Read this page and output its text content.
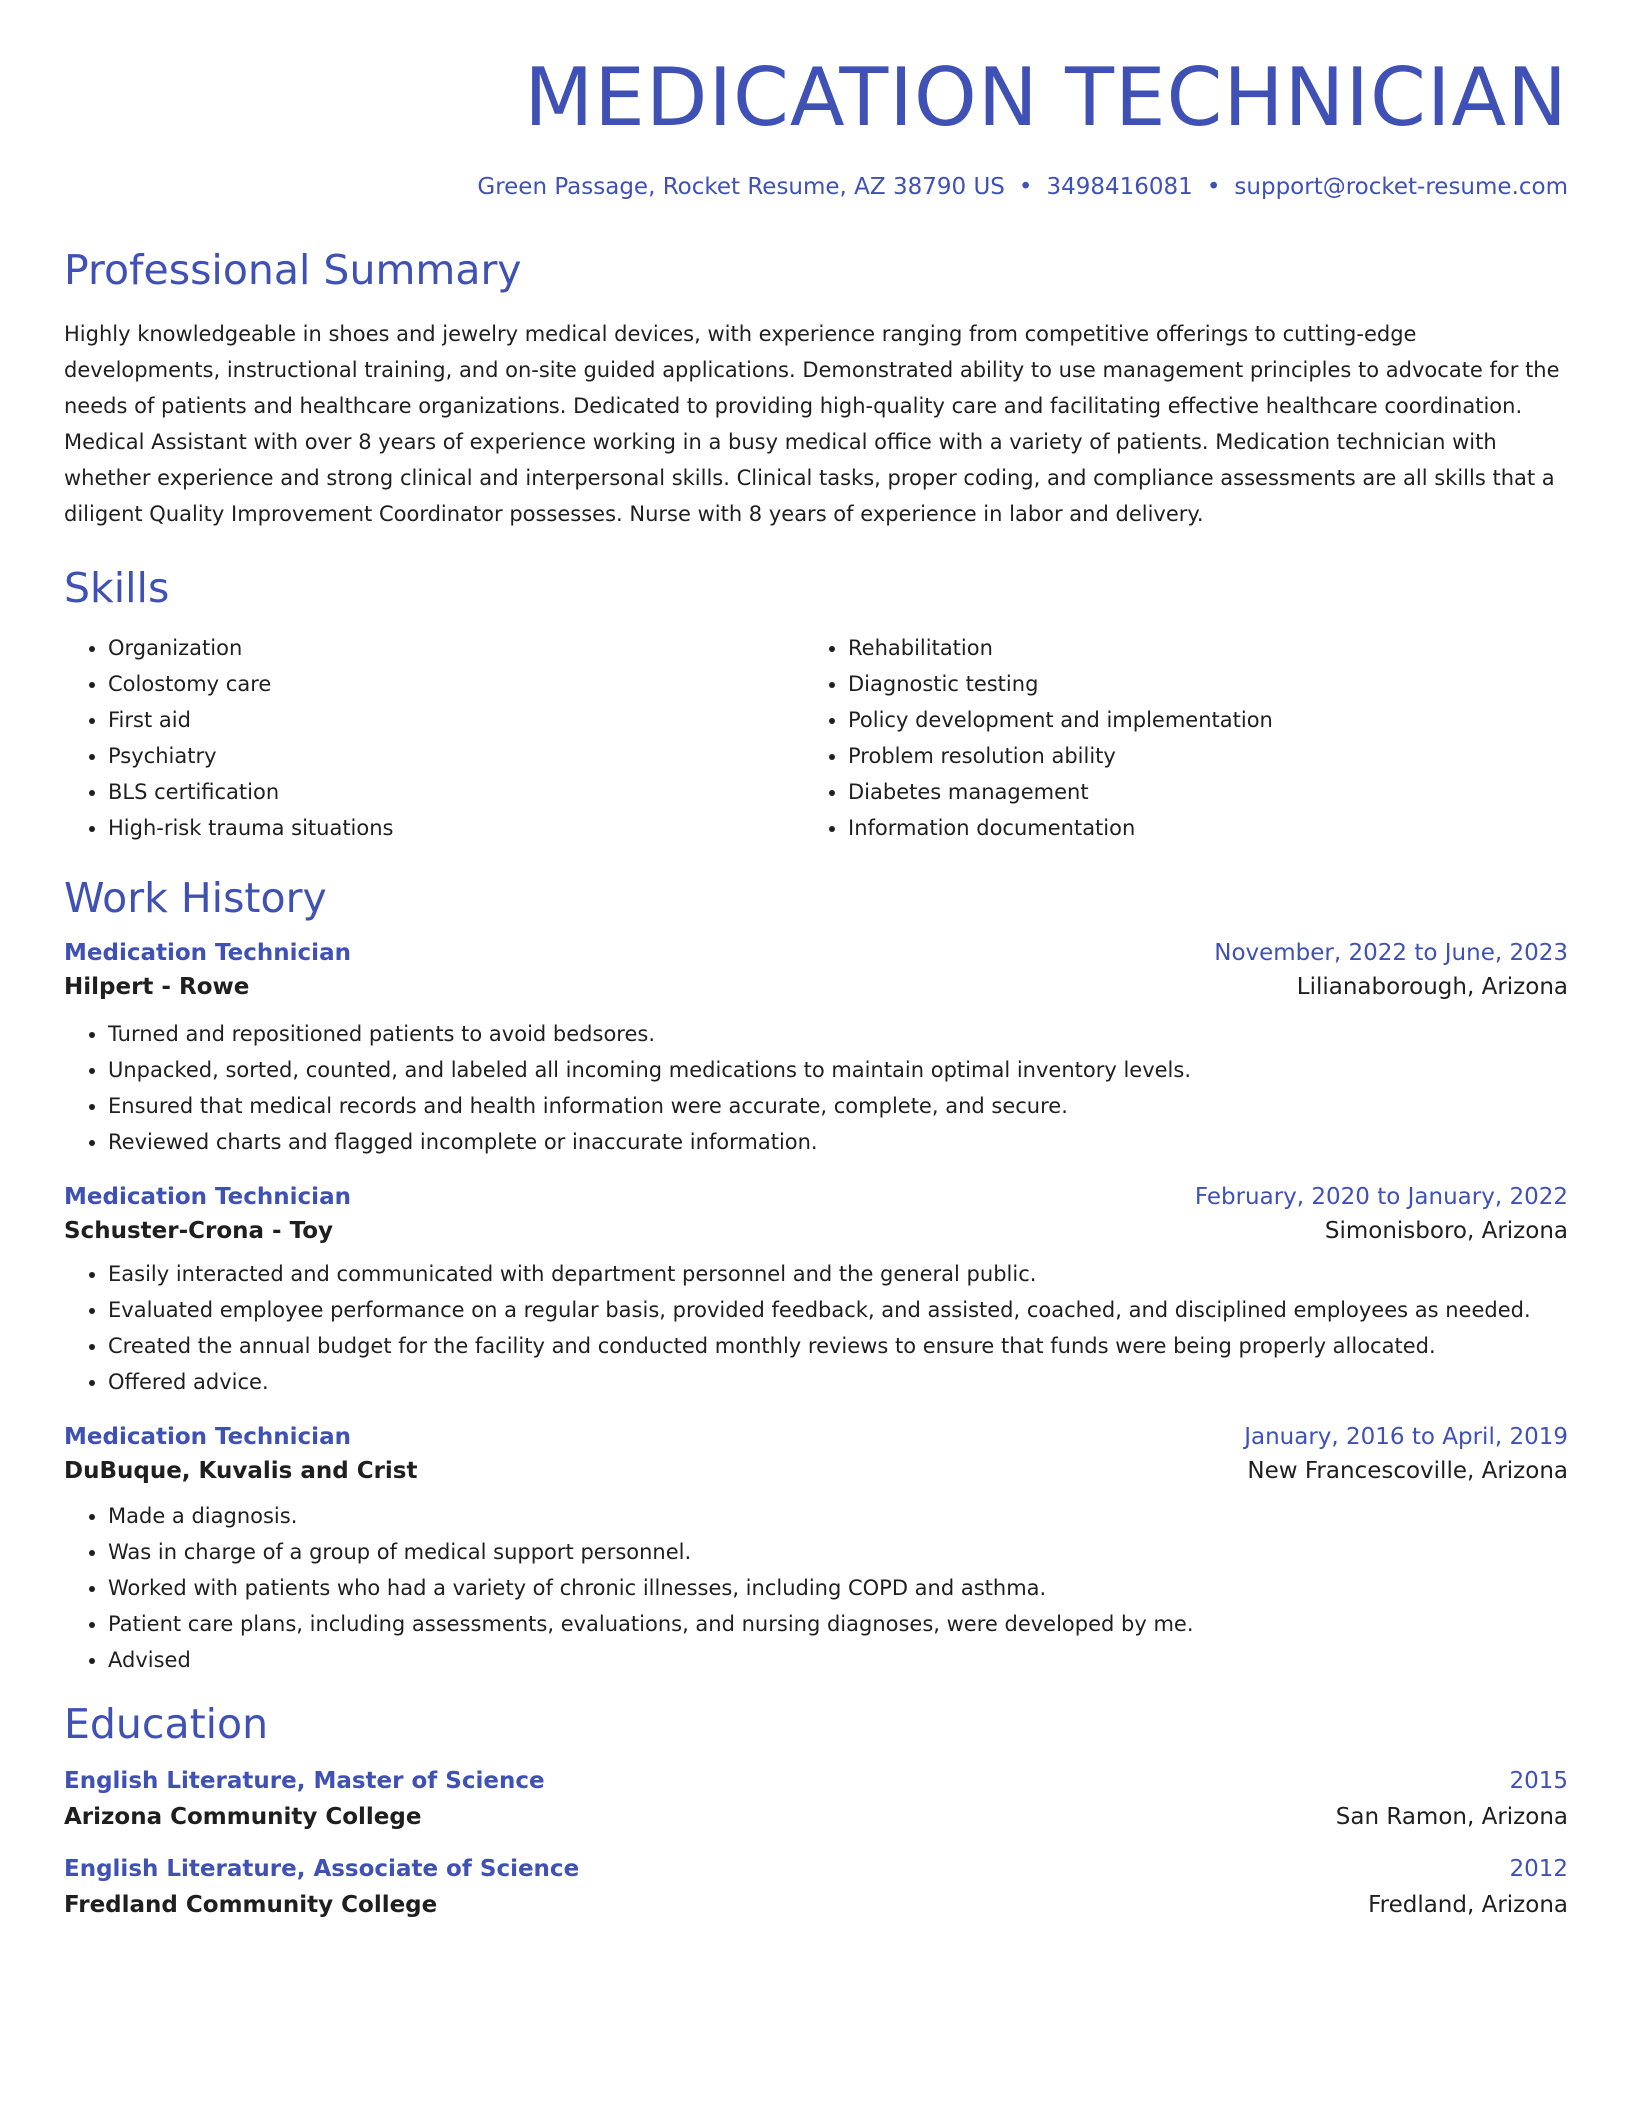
MEDICATION TECHNICIAN
Green Passage, Rocket Resume, AZ 38790 US • 3498416081 • support@rocket-resume.com
Professional Summary
Highly knowledgeable in shoes and jewelry medical devices, with experience ranging from competitive offerings to cutting-edge developments, instructional training, and on-site guided applications. Demonstrated ability to use management principles to advocate for the needs of patients and healthcare organizations. Dedicated to providing high-quality care and facilitating effective healthcare coordination. Medical Assistant with over 8 years of experience working in a busy medical office with a variety of patients. Medication technician with whether experience and strong clinical and interpersonal skills. Clinical tasks, proper coding, and compliance assessments are all skills that a diligent Quality Improvement Coordinator possesses. Nurse with 8 years of experience in labor and delivery.
Skills
• Organization
• Colostomy care
• First aid
• Psychiatry
• BLS certification
• High-risk trauma situations
• Rehabilitation
• Diagnostic testing
• Policy development and implementation
• Problem resolution ability
• Diabetes management
• Information documentation
Work History
Medication Technician	November, 2022 to June, 2023
Hilpert - Rowe	Lilianaborough, Arizona
• Turned and repositioned patients to avoid bedsores.
• Unpacked, sorted, counted, and labeled all incoming medications to maintain optimal inventory levels.
• Ensured that medical records and health information were accurate, complete, and secure.
• Reviewed charts and flagged incomplete or inaccurate information.
Medication Technician	February, 2020 to January, 2022
Schuster-Crona - Toy	Simonisboro, Arizona
• Easily interacted and communicated with department personnel and the general public.
• Evaluated employee performance on a regular basis, provided feedback, and assisted, coached, and disciplined employees as needed.
• Created the annual budget for the facility and conducted monthly reviews to ensure that funds were being properly allocated.
• Offered advice.
Medication Technician	January, 2016 to April, 2019
DuBuque, Kuvalis and Crist	New Francescoville, Arizona
• Made a diagnosis.
• Was in charge of a group of medical support personnel.
• Worked with patients who had a variety of chronic illnesses, including COPD and asthma.
• Patient care plans, including assessments, evaluations, and nursing diagnoses, were developed by me.
• Advised
Education
English Literature, Master of Science	2015
Arizona Community College	San Ramon, Arizona
English Literature, Associate of Science	2012
Fredland Community College	Fredland, Arizona
